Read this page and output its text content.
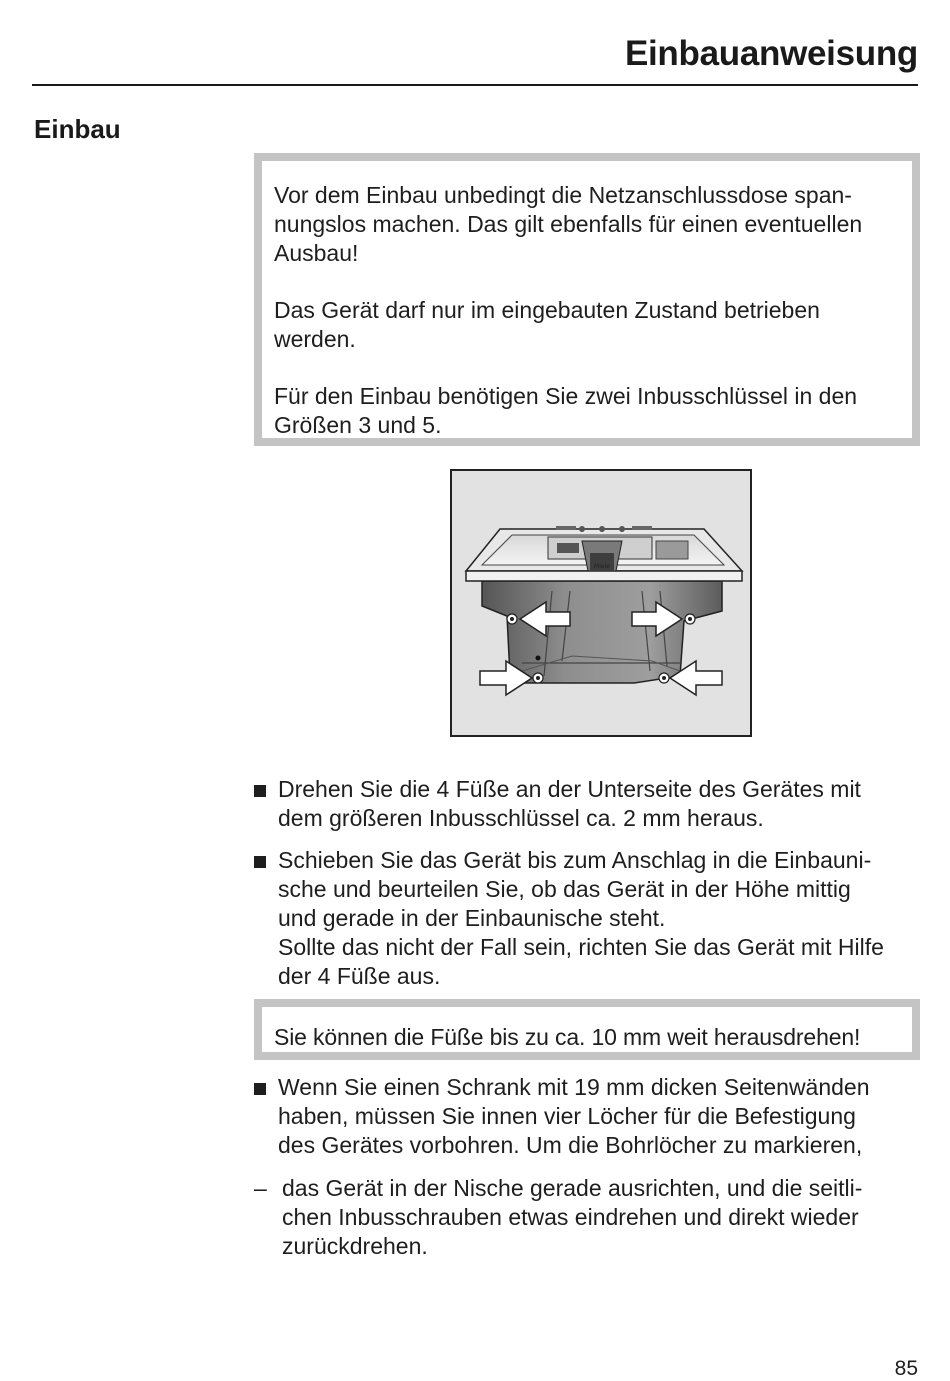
Einbauanweisung
Einbau

Vor dem Einbau unbedingt die Netzanschlussdose span-
nungslos machen. Das gilt ebenfalls für einen eventuellen
Ausbau!

Das Gerät darf nur im eingebauten Zustand betrieben
werden.

Für den Einbau benötigen Sie zwei Inbusschlüssel in den
Größen 3 und 5.

Miele
Drehen Sie die 4 Füße an der Unterseite des Gerätes mit
dem größeren Inbusschlüssel ca. 2 mm heraus.
Schieben Sie das Gerät bis zum Anschlag in die Einbauni-
sche und beurteilen Sie, ob das Gerät in der Höhe mittig
und gerade in der Einbaunische steht.
Sollte das nicht der Fall sein, richten Sie das Gerät mit Hilfe
der 4 Füße aus.

Sie können die Füße bis zu ca. 10 mm weit herausdrehen!

Wenn Sie einen Schrank mit 19 mm dicken Seitenwänden
haben, müssen Sie innen vier Löcher für die Befestigung
des Gerätes vorbohren. Um die Bohrlöcher zu markieren,
– das Gerät in der Nische gerade ausrichten, und die seitli-
chen Inbusschrauben etwas eindrehen und direkt wieder
zurückdrehen.
85
